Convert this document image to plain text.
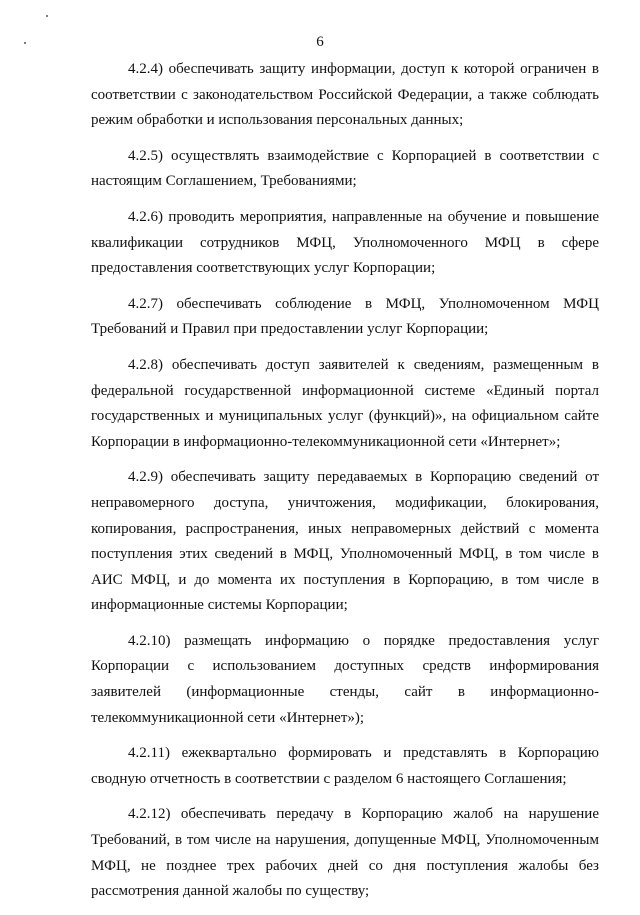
6

4.2.4) обеспечивать защиту информации, доступ к которой ограничен в соответствии с законодательством Российской Федерации, а также соблюдать режим обработки и использования персональных данных;

4.2.5) осуществлять взаимодействие с Корпорацией в соответствии с настоящим Соглашением, Требованиями;

4.2.6) проводить мероприятия, направленные на обучение и повышение квалификации сотрудников МФЦ, Уполномоченного МФЦ в сфере предоставления соответствующих услуг Корпорации;

4.2.7) обеспечивать соблюдение в МФЦ, Уполномоченном МФЦ Требований и Правил при предоставлении услуг Корпорации;

4.2.8) обеспечивать доступ заявителей к сведениям, размещенным в федеральной государственной информационной системе «Единый портал государственных и муниципальных услуг (функций)», на официальном сайте Корпорации в информационно-телекоммуникационной сети «Интернет»;

4.2.9) обеспечивать защиту передаваемых в Корпорацию сведений от неправомерного доступа, уничтожения, модификации, блокирования, копирования, распространения, иных неправомерных действий с момента поступления этих сведений в МФЦ, Уполномоченный МФЦ, в том числе в АИС МФЦ, и до момента их поступления в Корпорацию, в том числе в информационные системы Корпорации;

4.2.10) размещать информацию о порядке предоставления услуг Корпорации с использованием доступных средств информирования заявителей (информационные стенды, сайт в информационно-телекоммуникационной сети «Интернет»);

4.2.11) ежеквартально формировать и представлять в Корпорацию сводную отчетность в соответствии с разделом 6 настоящего Соглашения;

4.2.12) обеспечивать передачу в Корпорацию жалоб на нарушение Требований, в том числе на нарушения, допущенные МФЦ, Уполномоченным МФЦ, не позднее трех рабочих дней со дня поступления жалобы без рассмотрения данной жалобы по существу;
